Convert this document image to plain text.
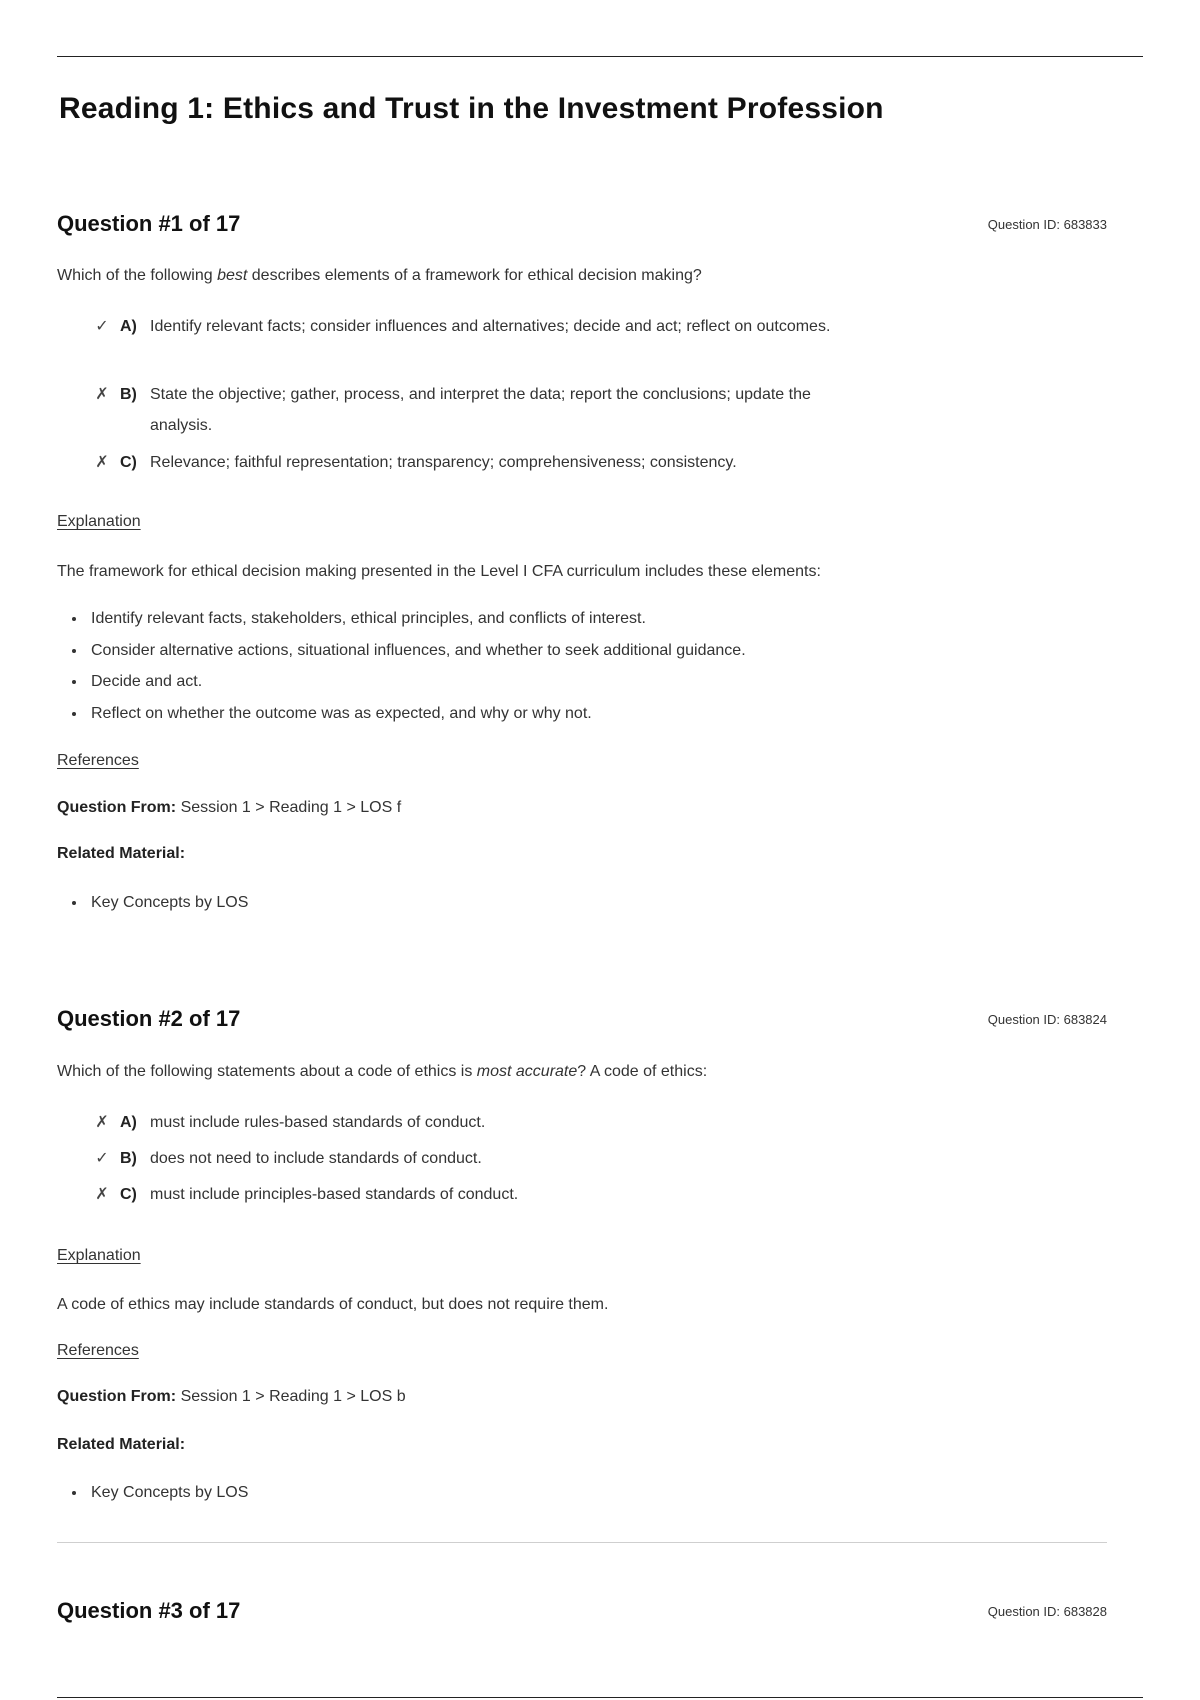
Reading 1: Ethics and Trust in the Investment Profession
Question #1 of 17	Question ID: 683833
Which of the following best describes elements of a framework for ethical decision making?
✓ A) Identify relevant facts; consider influences and alternatives; decide and act; reflect on outcomes.
✗ B) State the objective; gather, process, and interpret the data; report the conclusions; update the analysis.
✗ C) Relevance; faithful representation; transparency; comprehensiveness; consistency.
Explanation
The framework for ethical decision making presented in the Level I CFA curriculum includes these elements:
Identify relevant facts, stakeholders, ethical principles, and conflicts of interest.
Consider alternative actions, situational influences, and whether to seek additional guidance.
Decide and act.
Reflect on whether the outcome was as expected, and why or why not.
References
Question From: Session 1 > Reading 1 > LOS f
Related Material:
Key Concepts by LOS
Question #2 of 17	Question ID: 683824
Which of the following statements about a code of ethics is most accurate? A code of ethics:
✗ A) must include rules-based standards of conduct.
✓ B) does not need to include standards of conduct.
✗ C) must include principles-based standards of conduct.
Explanation
A code of ethics may include standards of conduct, but does not require them.
References
Question From: Session 1 > Reading 1 > LOS b
Related Material:
Key Concepts by LOS
Question #3 of 17	Question ID: 683828
